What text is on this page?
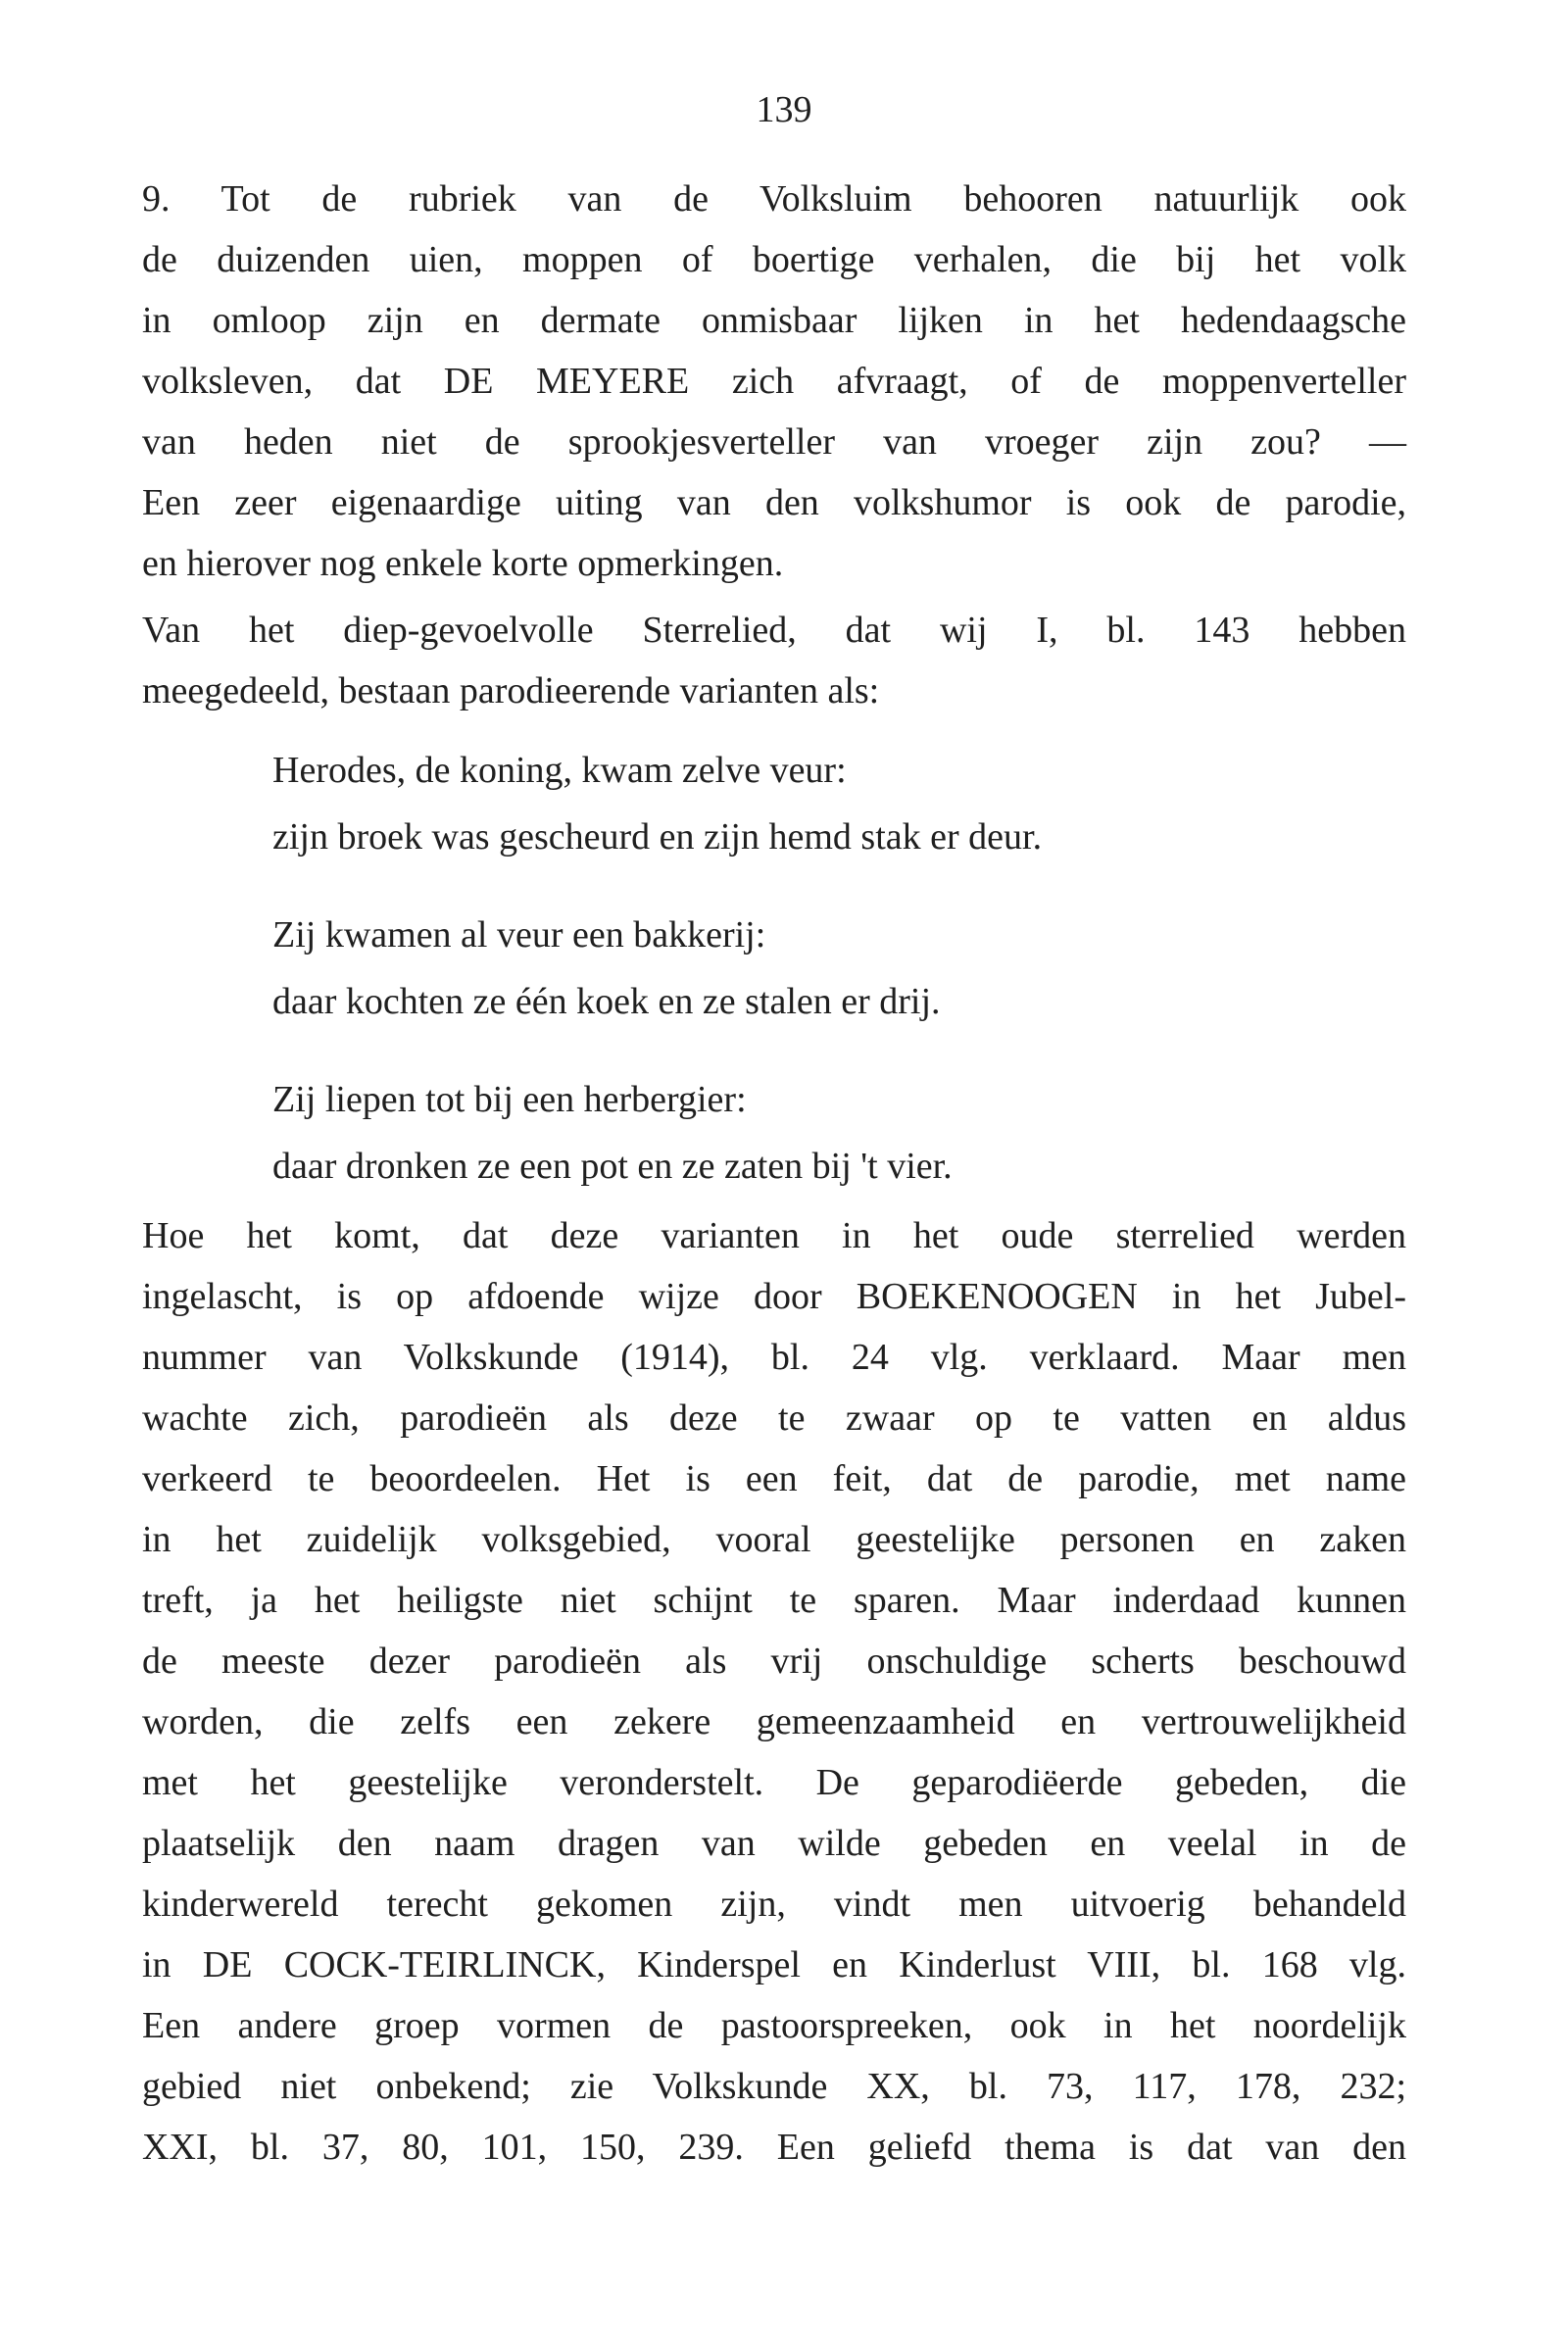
139
9. Tot de rubriek van de Volksluim behooren natuurlijk ook
de duizenden uien, moppen of boertige verhalen, die bij het volk
in omloop zijn en dermate onmisbaar lijken in het hedendaagsche
volksleven, dat DE MEYERE zich afvraagt, of de moppenverteller
van heden niet de sprookjesverteller van vroeger zijn zou? —
Een zeer eigenaardige uiting van den volkshumor is ook de parodie,
en hierover nog enkele korte opmerkingen.
Van het diep-gevoelvolle Sterrelied, dat wij I, bl. 143 hebben
meegedeeld, bestaan parodieerende varianten als:
Herodes, de koning, kwam zelve veur:
zijn broek was gescheurd en zijn hemd stak er deur.
Zij kwamen al veur een bakkerij:
daar kochten ze één koek en ze stalen er drij.
Zij liepen tot bij een herbergier:
daar dronken ze een pot en ze zaten bij 't vier.
Hoe het komt, dat deze varianten in het oude sterrelied werden
ingelascht, is op afdoende wijze door BOEKENOOGEN in het Jubel-
nummer van Volkskunde (1914), bl. 24 vlg. verklaard. Maar men
wachte zich, parodieën als deze te zwaar op te vatten en aldus
verkeerd te beoordeelen. Het is een feit, dat de parodie, met name
in het zuidelijk volksgebied, vooral geestelijke personen en zaken
treft, ja het heiligste niet schijnt te sparen. Maar inderdaad kunnen
de meeste dezer parodieën als vrij onschuldige scherts beschouwd
worden, die zelfs een zekere gemeenzaamheid en vertrouwelijkheid
met het geestelijke veronderstelt. De geparodiëerde gebeden, die
plaatselijk den naam dragen van wilde gebeden en veelal in de
kinderwereld terecht gekomen zijn, vindt men uitvoerig behandeld
in DE COCK-TEIRLINCK, Kinderspel en Kinderlust VIII, bl. 168 vlg.
Een andere groep vormen de pastoorspreeken, ook in het noordelijk
gebied niet onbekend; zie Volkskunde XX, bl. 73, 117, 178, 232;
XXI, bl. 37, 80, 101, 150, 239. Een geliefd thema is dat van den
